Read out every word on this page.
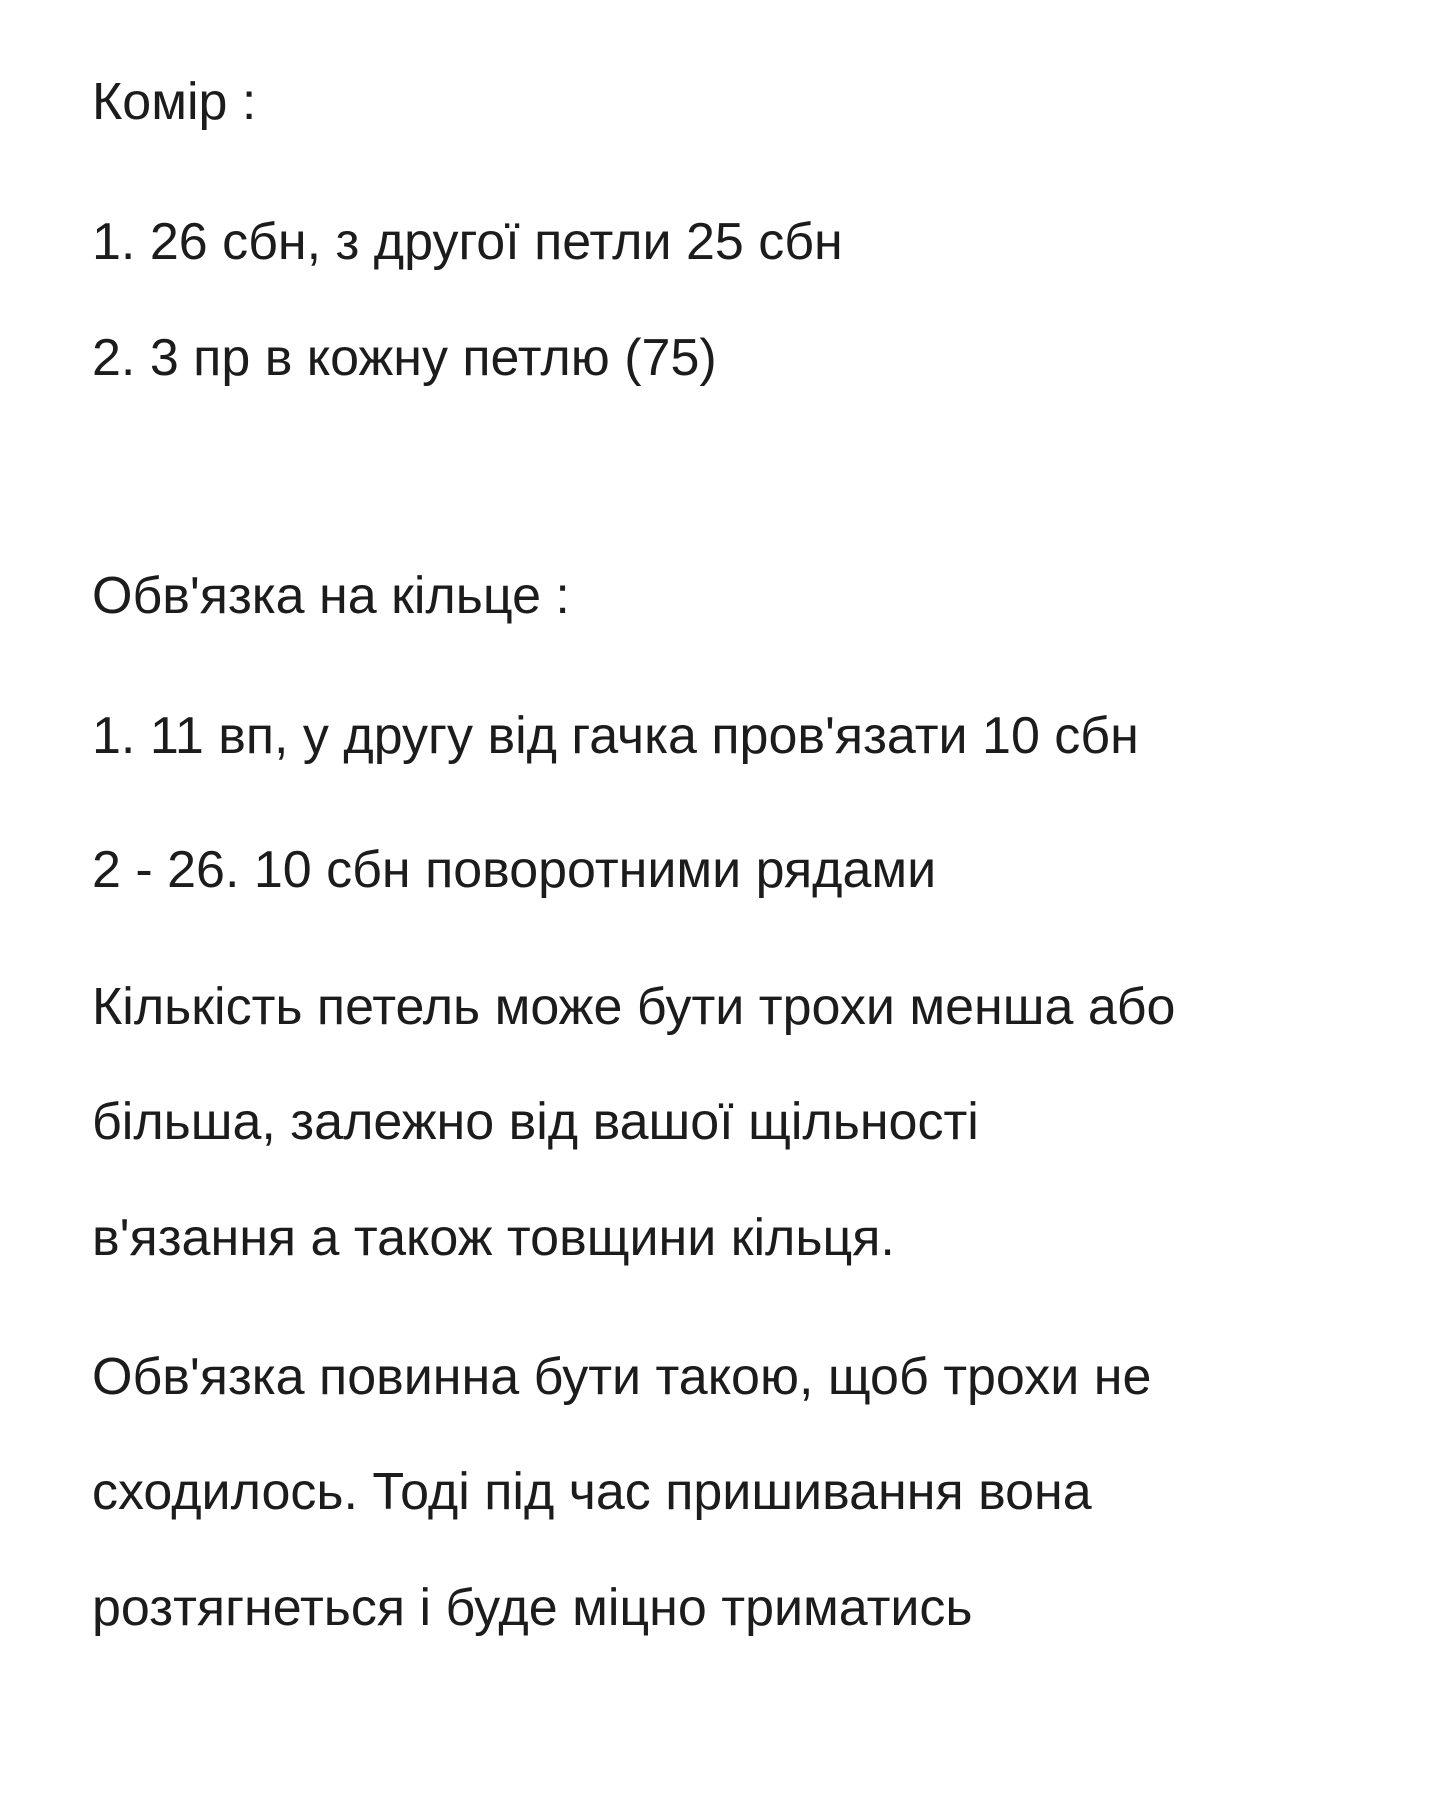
Комір :
1. 26 сбн, з другої петли 25 сбн
2. 3 пр в кожну петлю (75)
Обв'язка на кільце :
1. 11 вп, у другу від гачка пров'язати 10 сбн
2 - 26. 10 сбн поворотними рядами
Кількість петель може бути трохи менша або
більша, залежно від вашої щільності
в'язання а також товщини кільця.
Обв'язка повинна бути такою, щоб трохи не
сходилось. Тоді під час пришивання вона
розтягнеться і буде міцно триматись
